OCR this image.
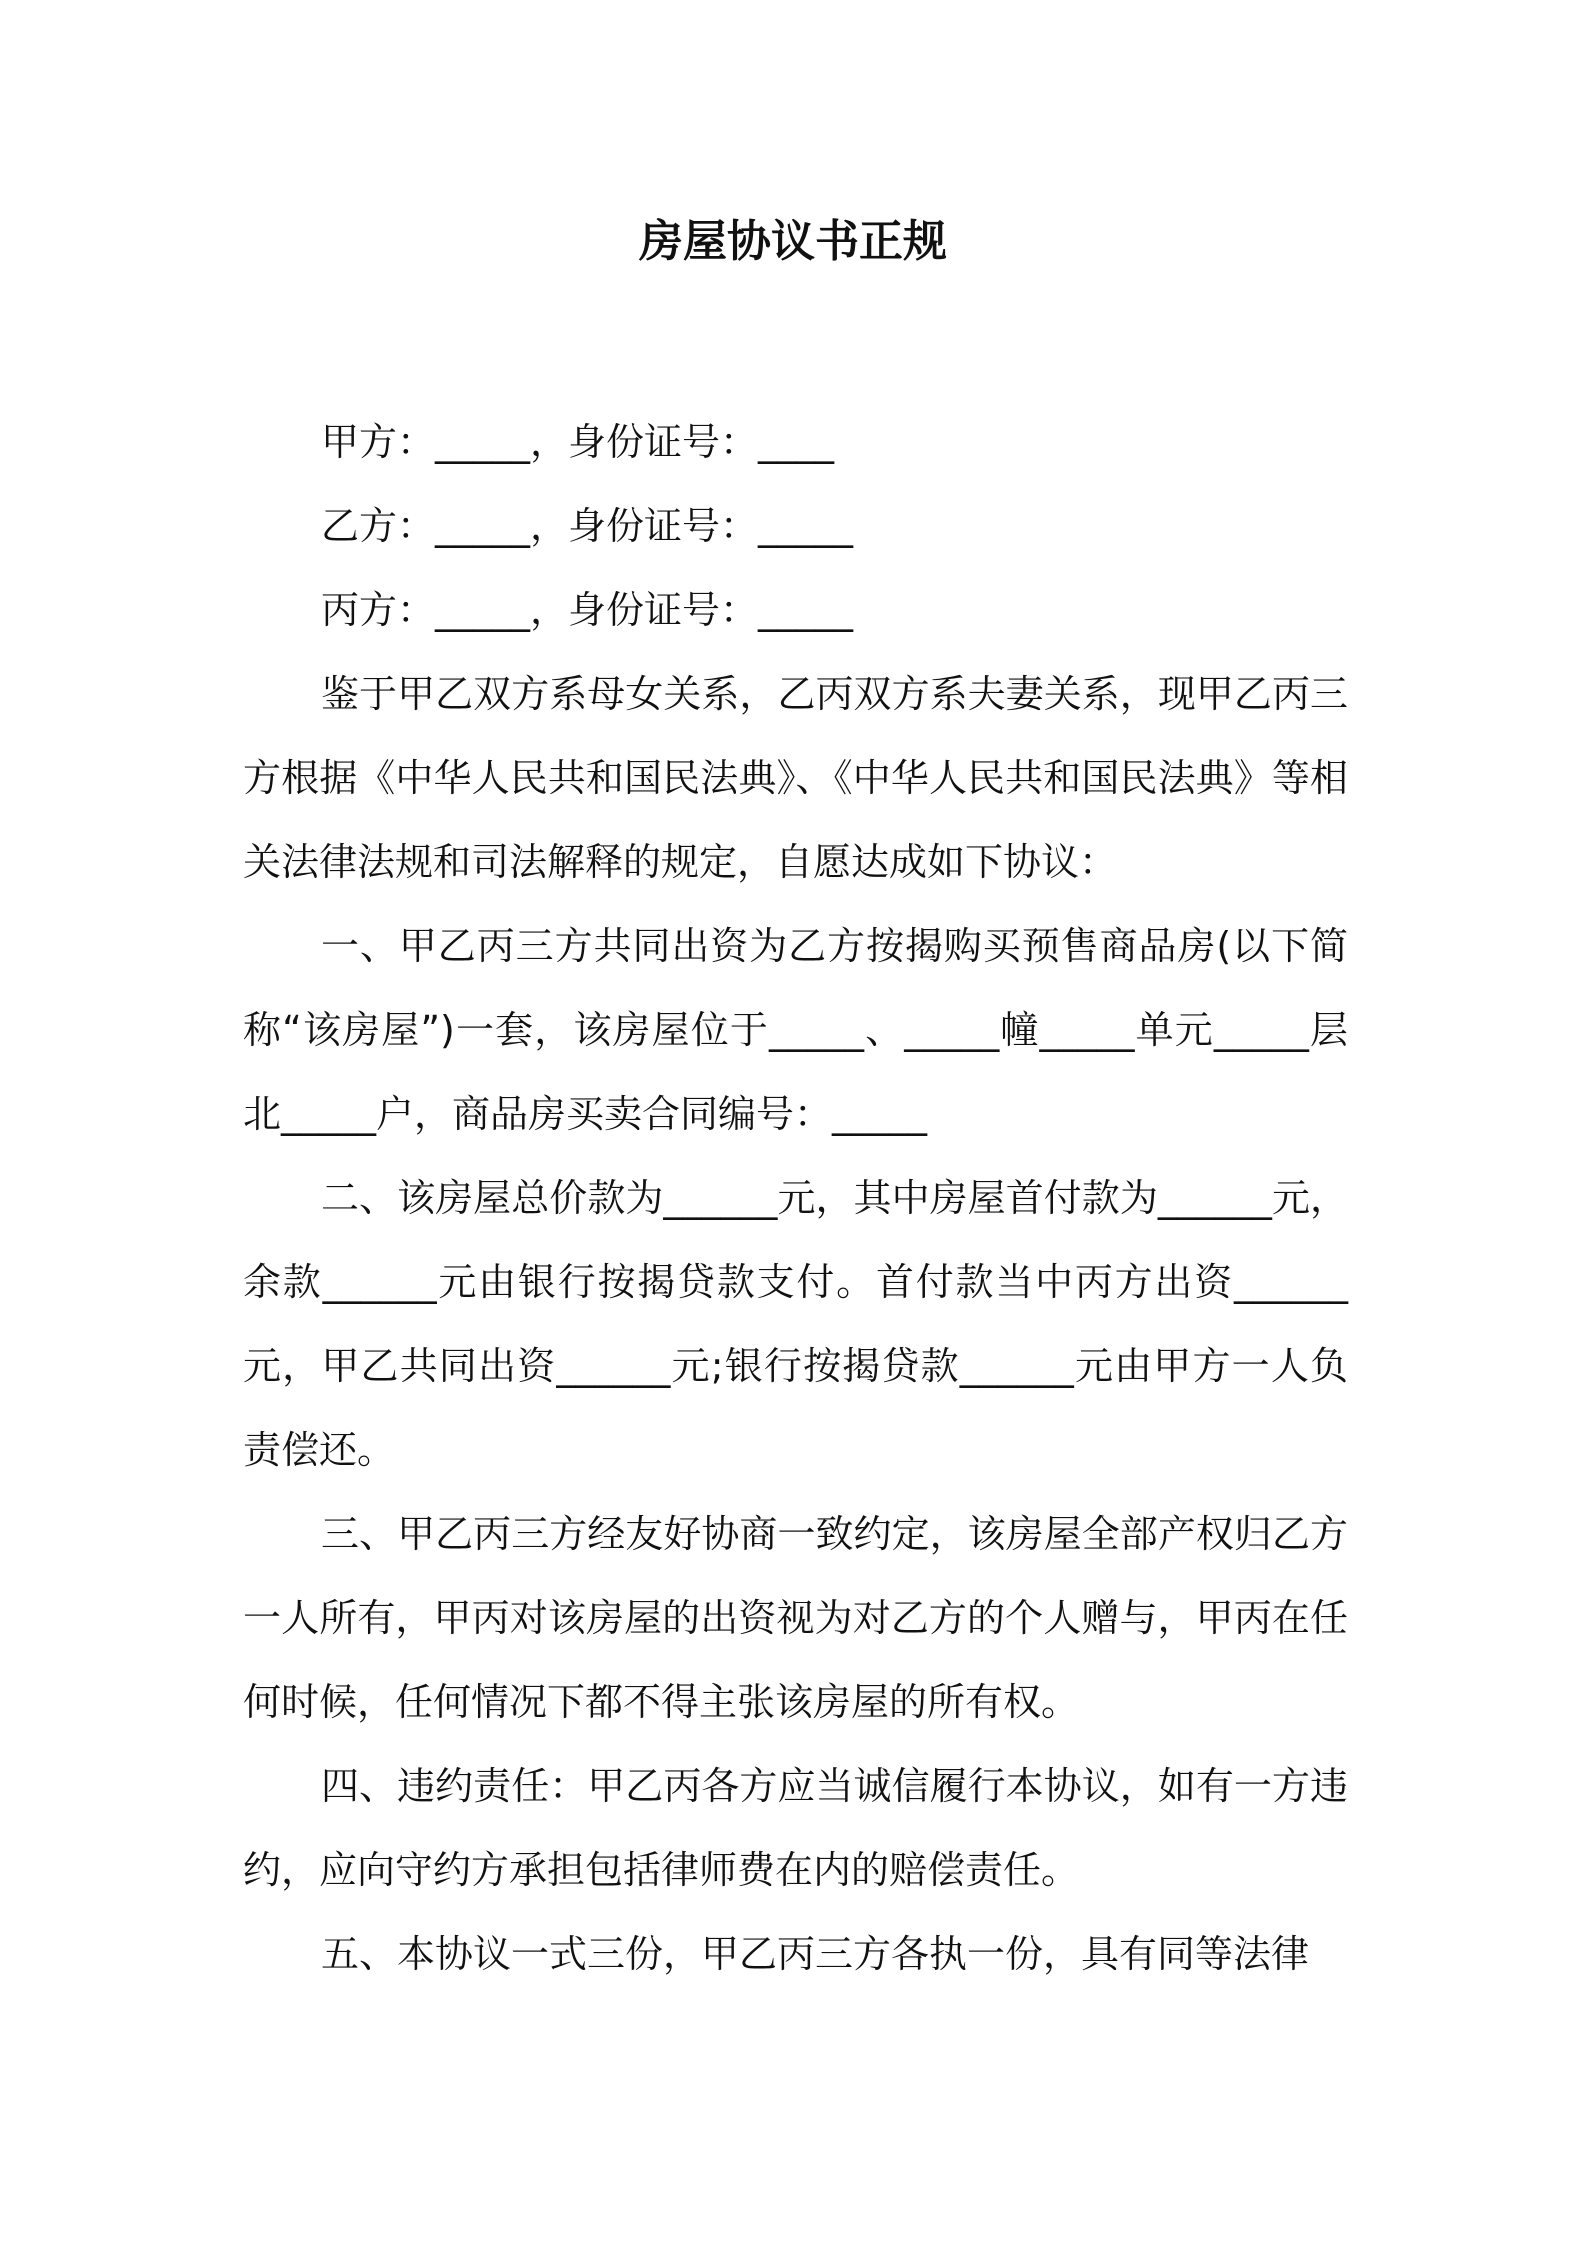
房屋协议书正规

甲方：_____，身份证号：____

乙方：_____，身份证号：_____

丙方：_____，身份证号：_____

鉴于甲乙双方系母女关系，乙丙双方系夫妻关系，现甲乙丙三方根据《中华人民共和国民法典》、《中华人民共和国民法典》等相关法律法规和司法解释的规定，自愿达成如下协议：

一、甲乙丙三方共同出资为乙方按揭购买预售商品房(以下简称“该房屋”)一套，该房屋位于_____、_____幢_____单元_____层北_____户，商品房买卖合同编号：_____

二、该房屋总价款为______元，其中房屋首付款为______元，余款______元由银行按揭贷款支付。首付款当中丙方出资______元，甲乙共同出资______元;银行按揭贷款______元由甲方一人负责偿还。

三、甲乙丙三方经友好协商一致约定，该房屋全部产权归乙方一人所有，甲丙对该房屋的出资视为对乙方的个人赠与，甲丙在任何时候，任何情况下都不得主张该房屋的所有权。

四、违约责任：甲乙丙各方应当诚信履行本协议，如有一方违约，应向守约方承担包括律师费在内的赔偿责任。

五、本协议一式三份，甲乙丙三方各执一份，具有同等法律
